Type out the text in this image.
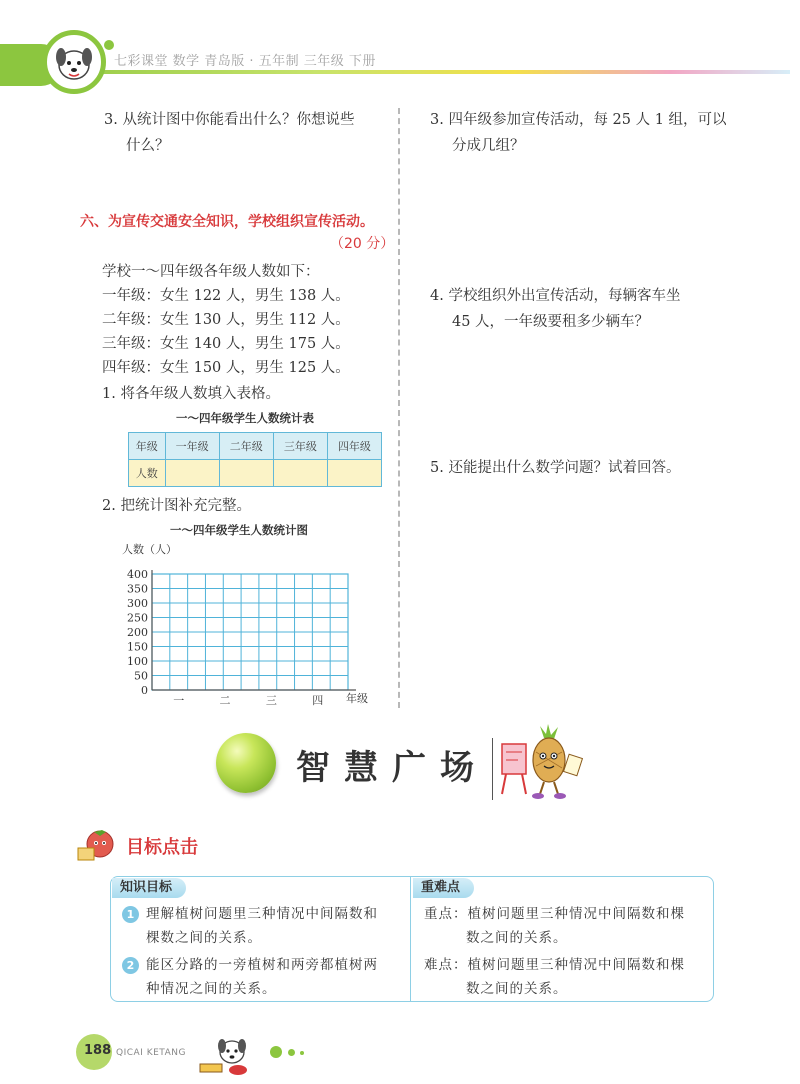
七彩课堂 数学 青岛版 · 五年制 三年级 下册
3. 从统计图中你能看出什么？你想说些
什么？
六、为宣传交通安全知识，学校组织宣传活动。
（20 分）
学校一～四年级各年级人数如下：
一年级：女生 122 人，男生 138 人。
二年级：女生 130 人，男生 112 人。
三年级：女生 140 人，男生 175 人。
四年级：女生 150 人，男生 125 人。
1. 将各年级人数填入表格。
一～四年级学生人数统计表
年级	一年级	二年级	三年级	四年级
人数				
2. 把统计图补充完整。
一～四年级学生人数统计图
人数（人）
400
350
300
250
200
150
100
50
0
一	二	三	四 年级
3. 四年级参加宣传活动，每 25 人 1 组，可以
分成几组？
4. 学校组织外出宣传活动，每辆客车坐
45 人，一年级要租多少辆车？
5. 还能提出什么数学问题？试着回答。
智慧广场
目标点击
知识目标	重难点
1 理解植树问题里三种情况中间隔数和
棵数之间的关系。
2 能区分路的一旁植树和两旁都植树两
种情况之间的关系。
重点：植树问题里三种情况中间隔数和棵
数之间的关系。
难点：植树问题里三种情况中间隔数和棵
数之间的关系。
188 QICAI KETANG
